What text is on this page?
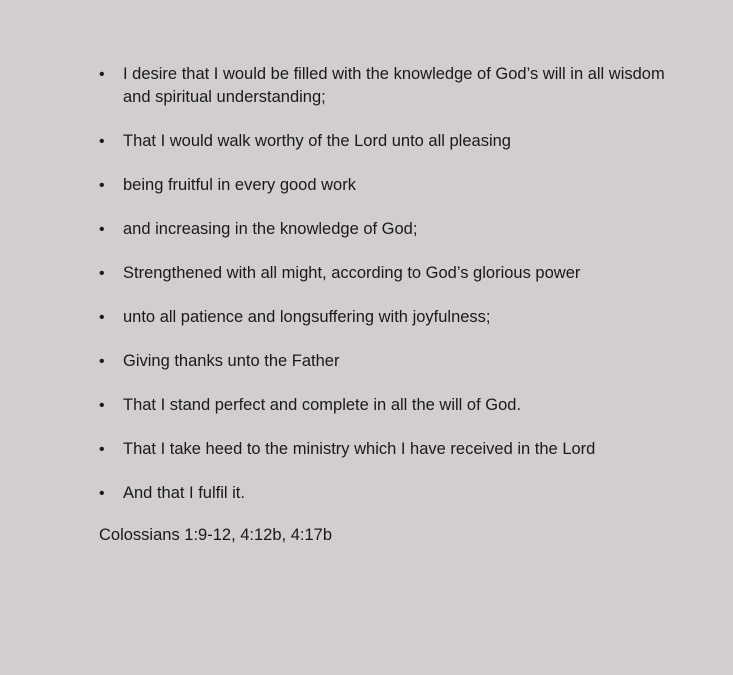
• I desire that I would be filled with the knowledge of God’s will in all wisdom and spiritual understanding;
• That I would walk worthy of the Lord unto all pleasing
• being fruitful in every good work
• and increasing in the knowledge of God;
• Strengthened with all might, according to God’s glorious power
• unto all patience and longsuffering with joyfulness;
• Giving thanks unto the Father
• That I stand perfect and complete in all the will of God.
• That I take heed to the ministry which I have received in the Lord
• And that I fulfil it.
Colossians 1:9-12, 4:12b, 4:17b
